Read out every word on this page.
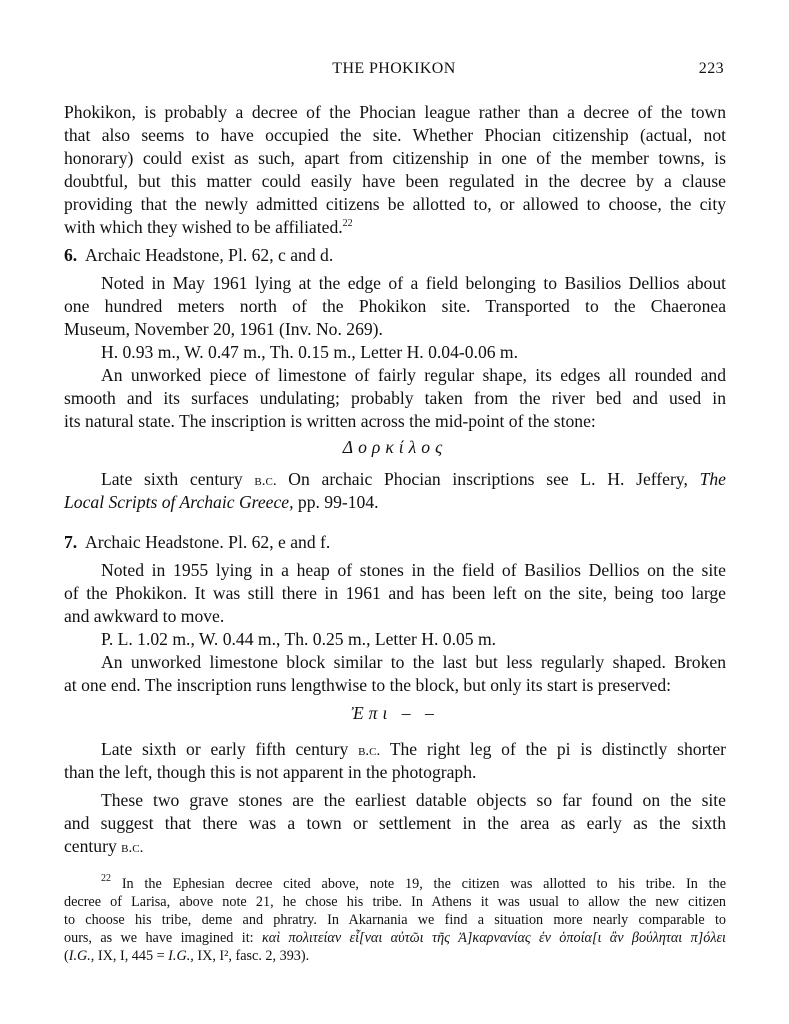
THE PHOKIKON	223
Phokikon, is probably a decree of the Phocian league rather than a decree of the town
that also seems to have occupied the site. Whether Phocian citizenship (actual, not
honorary) could exist as such, apart from citizenship in one of the member towns, is
doubtful, but this matter could easily have been regulated in the decree by a clause
providing that the newly admitted citizens be allotted to, or allowed to choose, the city
with which they wished to be affiliated.$^{22}$
6. Archaic Headstone, Pl. 62, c and d.
Noted in May 1961 lying at the edge of a field belonging to Basilios Dellios about
one hundred meters north of the Phokikon site. Transported to the Chaeronea
Museum, November 20, 1961 (Inv. No. 269).
H. 0.93 m., W. 0.47 m., Th. 0.15 m., Letter H. 0.04-0.06 m.
An unworked piece of limestone of fairly regular shape, its edges all rounded and
smooth and its surfaces undulating; probably taken from the river bed and used in
its natural state. The inscription is written across the mid-point of the stone:
Δορκίλος
Late sixth century b.c. On archaic Phocian inscriptions see L. H. Jeffery, The
Local Scripts of Archaic Greece, pp. 99-104.
7. Archaic Headstone. Pl. 62, e and f.
Noted in 1955 lying in a heap of stones in the field of Basilios Dellios on the site
of the Phokikon. It was still there in 1961 and has been left on the site, being too large
and awkward to move.
P. L. 1.02 m., W. 0.44 m., Th. 0.25 m., Letter H. 0.05 m.
An unworked limestone block similar to the last but less regularly shaped. Broken
at one end. The inscription runs lengthwise to the block, but only its start is preserved:
Ἐπι – –
Late sixth or early fifth century b.c. The right leg of the pi is distinctly shorter
than the left, though this is not apparent in the photograph.
These two grave stones are the earliest datable objects so far found on the site
and suggest that there was a town or settlement in the area as early as the sixth
century b.c.
$^{22}$ In the Ephesian decree cited above, note 19, the citizen was allotted to his tribe. In the
decree of Larisa, above note 21, he chose his tribe. In Athens it was usual to allow the new citizen
to choose his tribe, deme and phratry. In Akarnania we find a situation more nearly comparable to
ours, as we have imagined it: καὶ πολιτείαν εἶ[ναι αὐτῶι τῆς Ἀ]καρνανίας ἐν ὁποία[ι ἂν βούληται π]όλει
(I.G., IX, I, 445 = I.G., IX, I², fasc. 2, 393).
